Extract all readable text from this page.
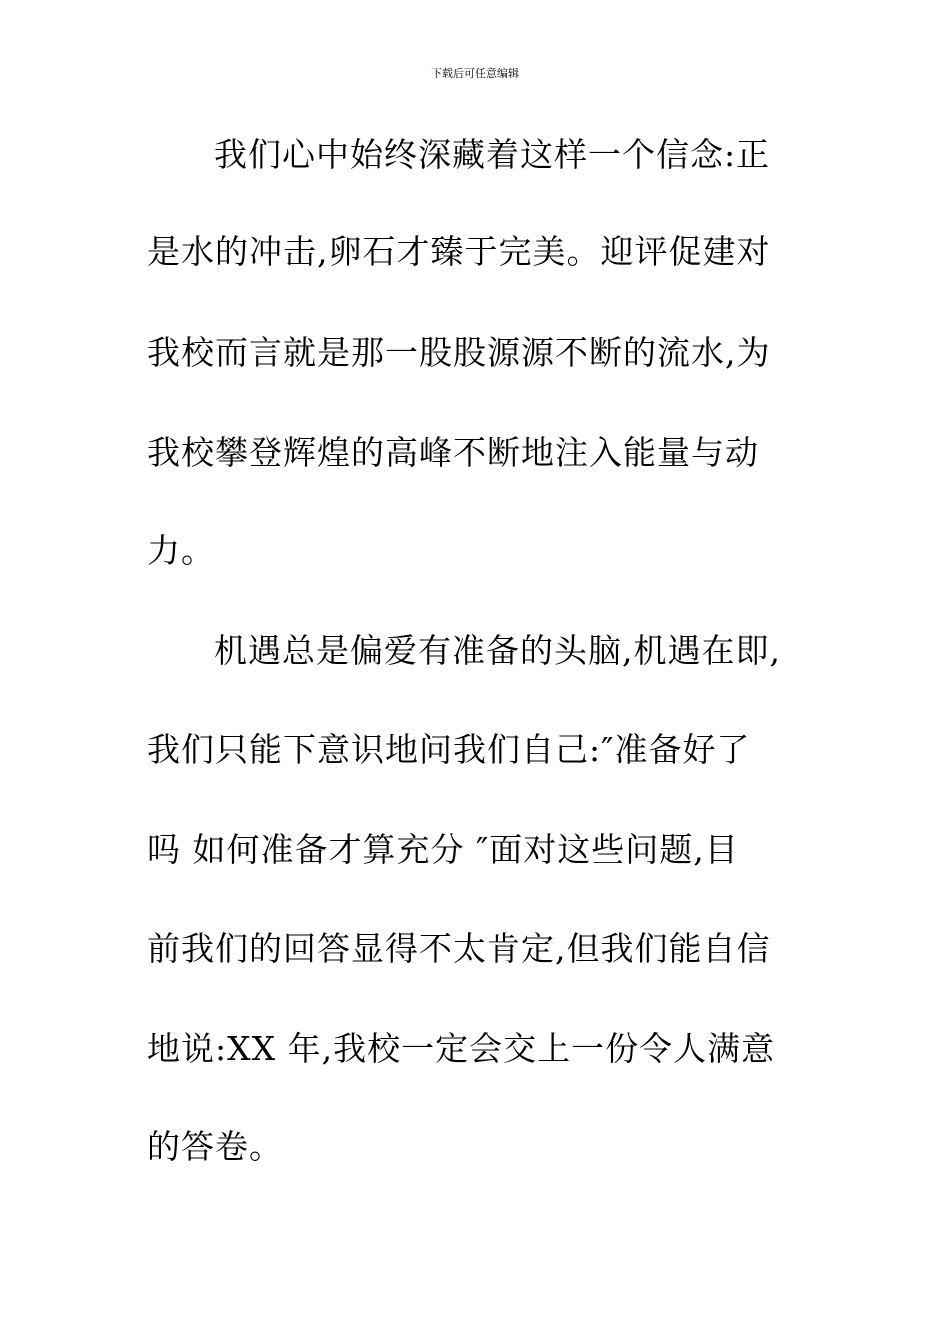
下载后可任意编辑
我们心中始终深藏着这样一个信念:正
是水的冲击,卵石才臻于完美。迎评促建对
我校而言就是那一股股源源不断的流水,为
我校攀登辉煌的高峰不断地注入能量与动
力。
机遇总是偏爱有准备的头脑,机遇在即,
我们只能下意识地问我们自己:″准备好了
吗 如何准备才算充分 ″面对这些问题,目
前我们的回答显得不太肯定,但我们能自信
地说:XX 年,我校一定会交上一份令人满意
的答卷。
